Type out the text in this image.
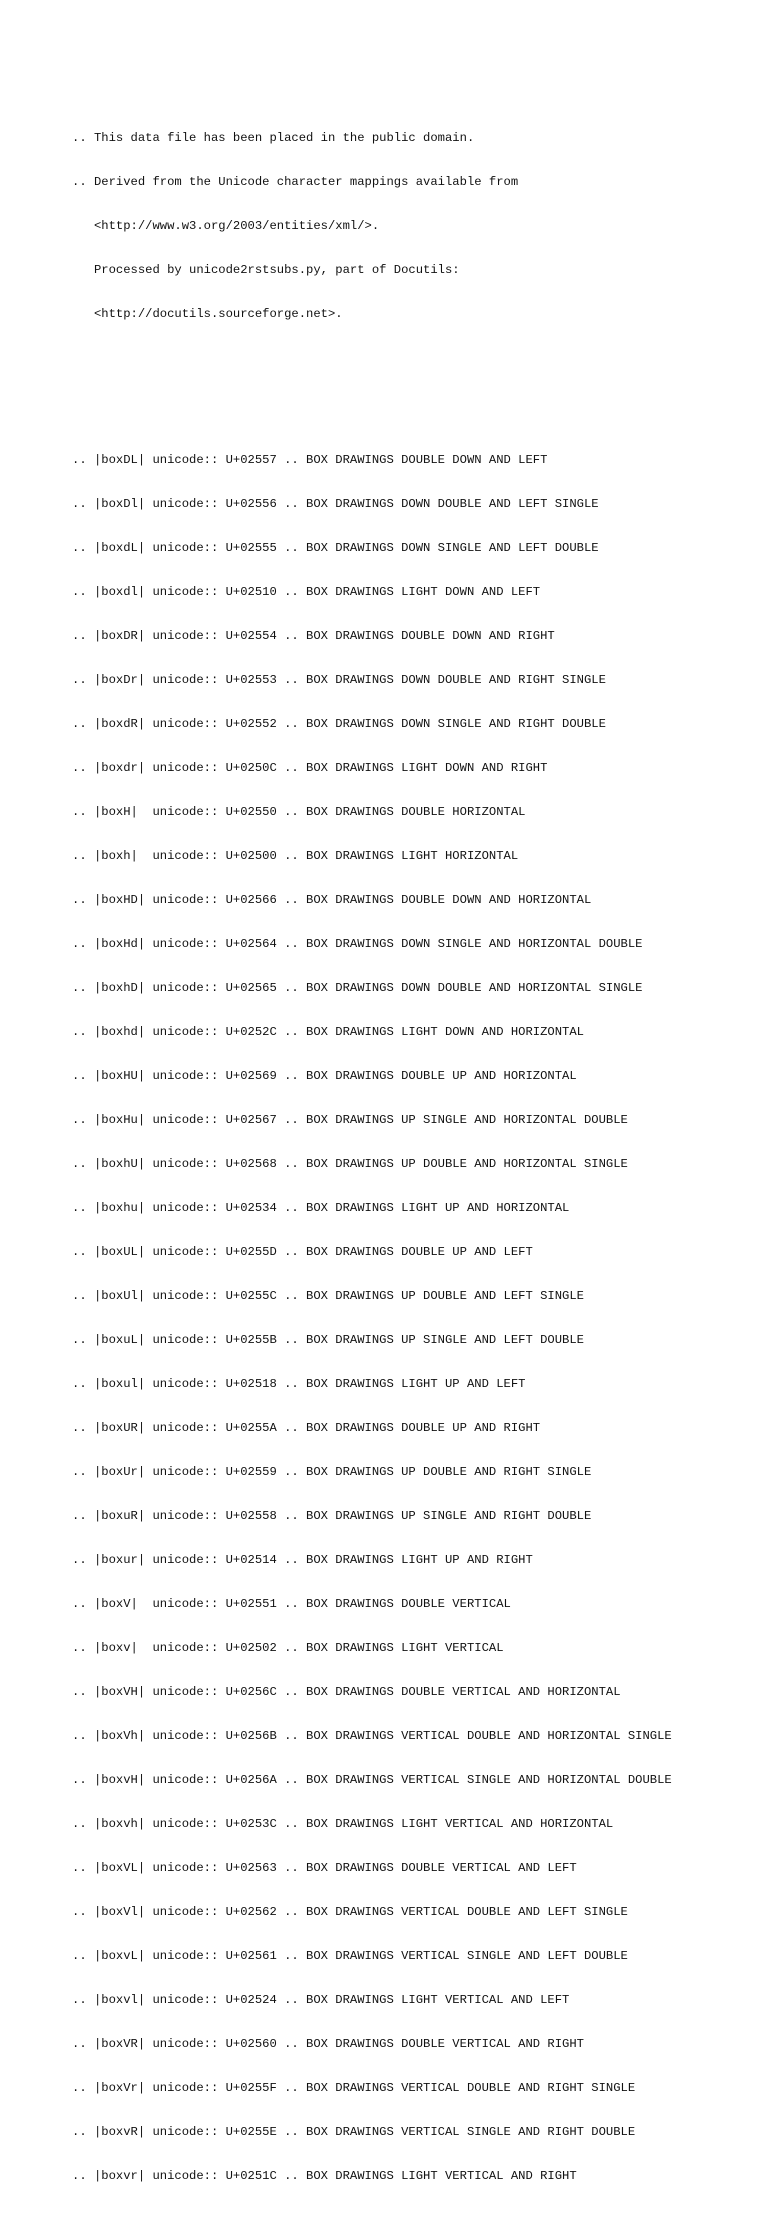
.. This data file has been placed in the public domain.

.. Derived from the Unicode character mappings available from

<http://www.w3.org/2003/entities/xml/>.

Processed by unicode2rstsubs.py, part of Docutils:

<http://docutils.sourceforge.net>.

.. |boxDL| unicode:: U+02557 .. BOX DRAWINGS DOUBLE DOWN AND LEFT

.. |boxDl| unicode:: U+02556 .. BOX DRAWINGS DOWN DOUBLE AND LEFT SINGLE

.. |boxdL| unicode:: U+02555 .. BOX DRAWINGS DOWN SINGLE AND LEFT DOUBLE

.. |boxdl| unicode:: U+02510 .. BOX DRAWINGS LIGHT DOWN AND LEFT

.. |boxDR| unicode:: U+02554 .. BOX DRAWINGS DOUBLE DOWN AND RIGHT

.. |boxDr| unicode:: U+02553 .. BOX DRAWINGS DOWN DOUBLE AND RIGHT SINGLE

.. |boxdR| unicode:: U+02552 .. BOX DRAWINGS DOWN SINGLE AND RIGHT DOUBLE

.. |boxdr| unicode:: U+0250C .. BOX DRAWINGS LIGHT DOWN AND RIGHT

.. |boxH|  unicode:: U+02550 .. BOX DRAWINGS DOUBLE HORIZONTAL

.. |boxh|  unicode:: U+02500 .. BOX DRAWINGS LIGHT HORIZONTAL

.. |boxHD| unicode:: U+02566 .. BOX DRAWINGS DOUBLE DOWN AND HORIZONTAL

.. |boxHd| unicode:: U+02564 .. BOX DRAWINGS DOWN SINGLE AND HORIZONTAL DOUBLE

.. |boxhD| unicode:: U+02565 .. BOX DRAWINGS DOWN DOUBLE AND HORIZONTAL SINGLE

.. |boxhd| unicode:: U+0252C .. BOX DRAWINGS LIGHT DOWN AND HORIZONTAL

.. |boxHU| unicode:: U+02569 .. BOX DRAWINGS DOUBLE UP AND HORIZONTAL

.. |boxHu| unicode:: U+02567 .. BOX DRAWINGS UP SINGLE AND HORIZONTAL DOUBLE

.. |boxhU| unicode:: U+02568 .. BOX DRAWINGS UP DOUBLE AND HORIZONTAL SINGLE

.. |boxhu| unicode:: U+02534 .. BOX DRAWINGS LIGHT UP AND HORIZONTAL

.. |boxUL| unicode:: U+0255D .. BOX DRAWINGS DOUBLE UP AND LEFT

.. |boxUl| unicode:: U+0255C .. BOX DRAWINGS UP DOUBLE AND LEFT SINGLE

.. |boxuL| unicode:: U+0255B .. BOX DRAWINGS UP SINGLE AND LEFT DOUBLE

.. |boxul| unicode:: U+02518 .. BOX DRAWINGS LIGHT UP AND LEFT

.. |boxUR| unicode:: U+0255A .. BOX DRAWINGS DOUBLE UP AND RIGHT

.. |boxUr| unicode:: U+02559 .. BOX DRAWINGS UP DOUBLE AND RIGHT SINGLE

.. |boxuR| unicode:: U+02558 .. BOX DRAWINGS UP SINGLE AND RIGHT DOUBLE

.. |boxur| unicode:: U+02514 .. BOX DRAWINGS LIGHT UP AND RIGHT

.. |boxV|  unicode:: U+02551 .. BOX DRAWINGS DOUBLE VERTICAL

.. |boxv|  unicode:: U+02502 .. BOX DRAWINGS LIGHT VERTICAL

.. |boxVH| unicode:: U+0256C .. BOX DRAWINGS DOUBLE VERTICAL AND HORIZONTAL

.. |boxVh| unicode:: U+0256B .. BOX DRAWINGS VERTICAL DOUBLE AND HORIZONTAL SINGLE

.. |boxvH| unicode:: U+0256A .. BOX DRAWINGS VERTICAL SINGLE AND HORIZONTAL DOUBLE

.. |boxvh| unicode:: U+0253C .. BOX DRAWINGS LIGHT VERTICAL AND HORIZONTAL

.. |boxVL| unicode:: U+02563 .. BOX DRAWINGS DOUBLE VERTICAL AND LEFT

.. |boxVl| unicode:: U+02562 .. BOX DRAWINGS VERTICAL DOUBLE AND LEFT SINGLE

.. |boxvL| unicode:: U+02561 .. BOX DRAWINGS VERTICAL SINGLE AND LEFT DOUBLE

.. |boxvl| unicode:: U+02524 .. BOX DRAWINGS LIGHT VERTICAL AND LEFT

.. |boxVR| unicode:: U+02560 .. BOX DRAWINGS DOUBLE VERTICAL AND RIGHT

.. |boxVr| unicode:: U+0255F .. BOX DRAWINGS VERTICAL DOUBLE AND RIGHT SINGLE

.. |boxvR| unicode:: U+0255E .. BOX DRAWINGS VERTICAL SINGLE AND RIGHT DOUBLE

.. |boxvr| unicode:: U+0251C .. BOX DRAWINGS LIGHT VERTICAL AND RIGHT
